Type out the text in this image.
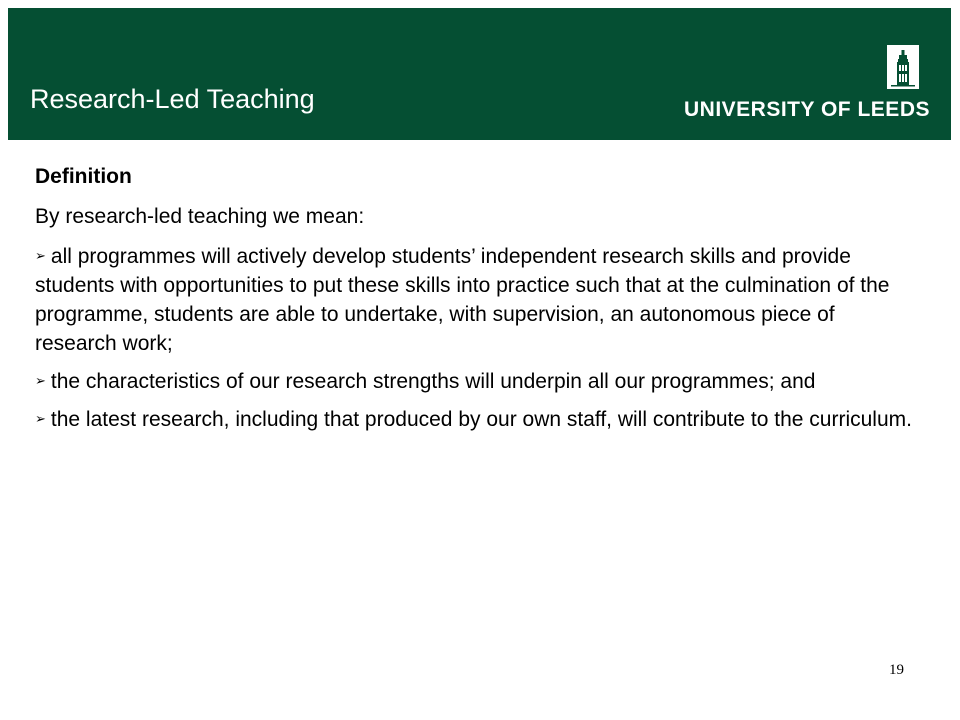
Research-Led Teaching	UNIVERSITY OF LEEDS
Definition
By research-led teaching we mean:
➢ all programmes will actively develop students’ independent research skills and provide students with opportunities to put these skills into practice such that at the culmination of the programme, students are able to undertake, with supervision, an autonomous piece of research work;
➢ the characteristics of our research strengths will underpin all our programmes; and
➢ the latest research, including that produced by our own staff, will contribute to the curriculum.
19
